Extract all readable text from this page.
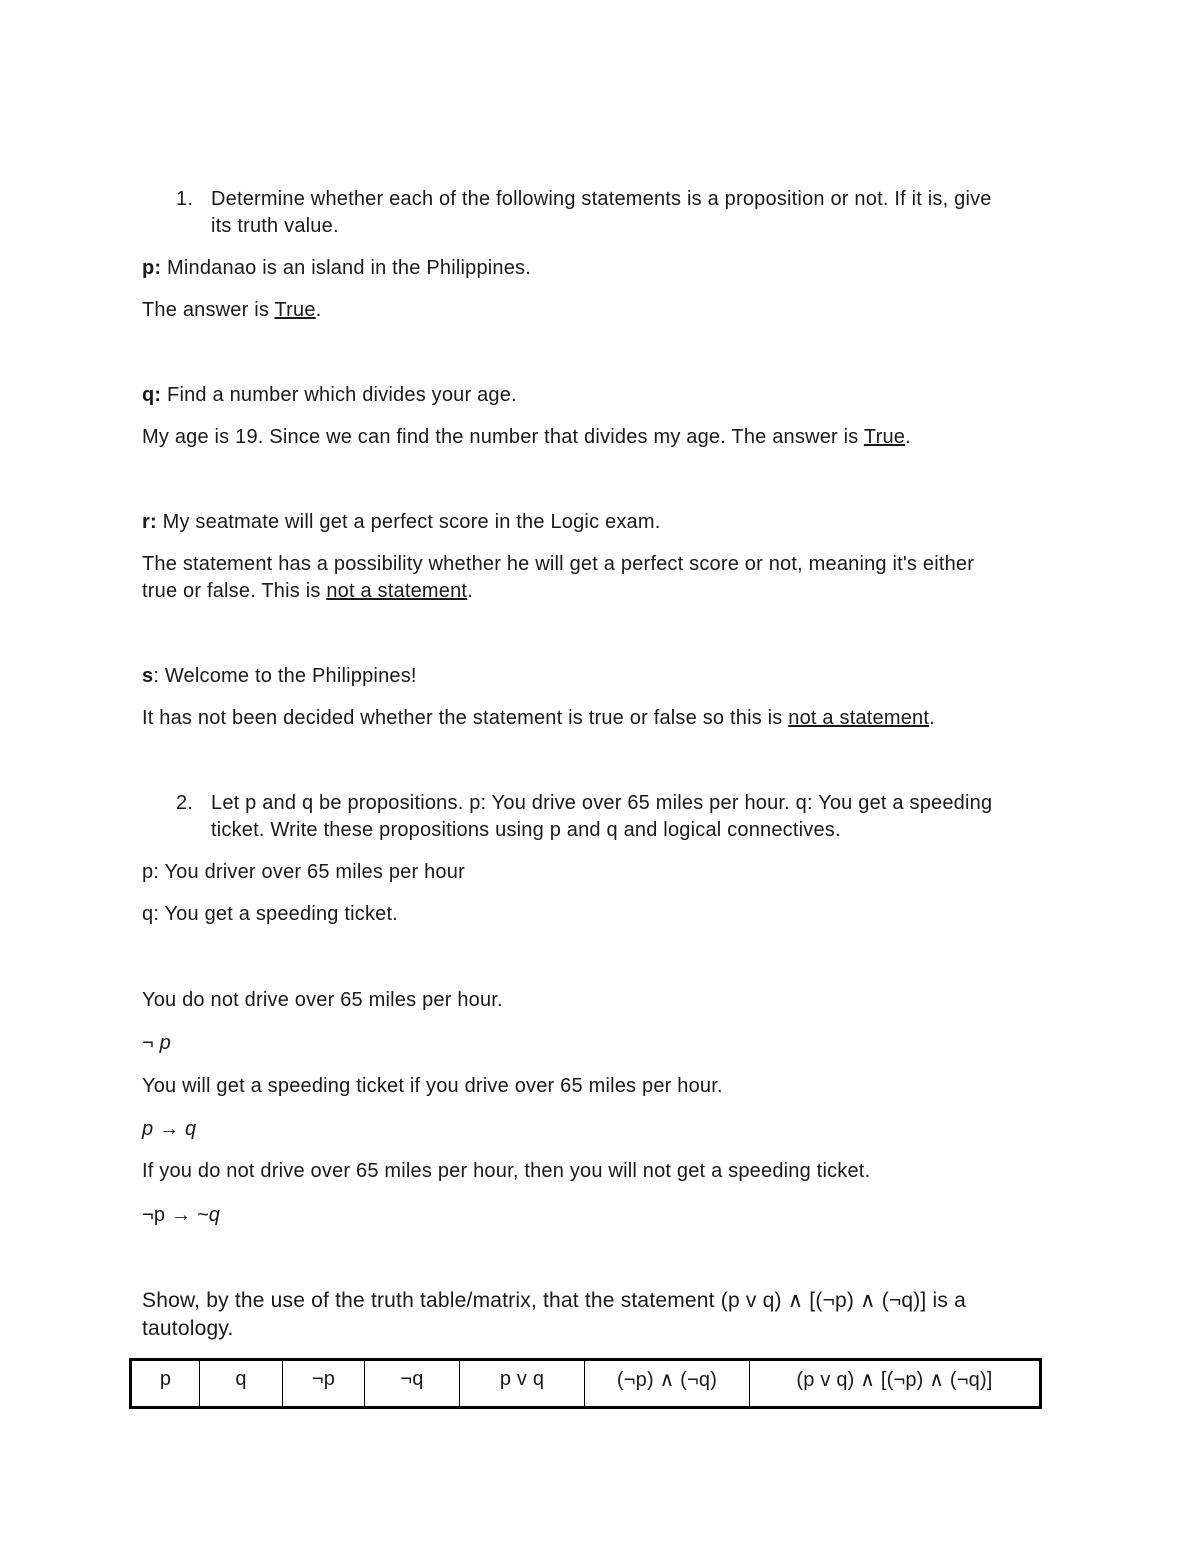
1. Determine whether each of the following statements is a proposition or not. If it is, give
its truth value.
p: Mindanao is an island in the Philippines.
The answer is True.
q: Find a number which divides your age.
My age is 19. Since we can find the number that divides my age. The answer is True.
r: My seatmate will get a perfect score in the Logic exam.
The statement has a possibility whether he will get a perfect score or not, meaning it's either
true or false. This is not a statement.
s: Welcome to the Philippines!
It has not been decided whether the statement is true or false so this is not a statement.
2. Let p and q be propositions. p: You drive over 65 miles per hour. q: You get a speeding
ticket. Write these propositions using p and q and logical connectives.
p: You driver over 65 miles per hour
q: You get a speeding ticket.
You do not drive over 65 miles per hour.
¬ p
You will get a speeding ticket if you drive over 65 miles per hour.
p → q
If you do not drive over 65 miles per hour, then you will not get a speeding ticket.
¬p → ~q
Show, by the use of the truth table/matrix, that the statement (p v q) ∧ [(¬p) ∧ (¬q)] is a
tautology.
p	q	¬p	¬q	p v q	(¬p) ∧ (¬q)	(p v q) ∧ [(¬p) ∧ (¬q)]
